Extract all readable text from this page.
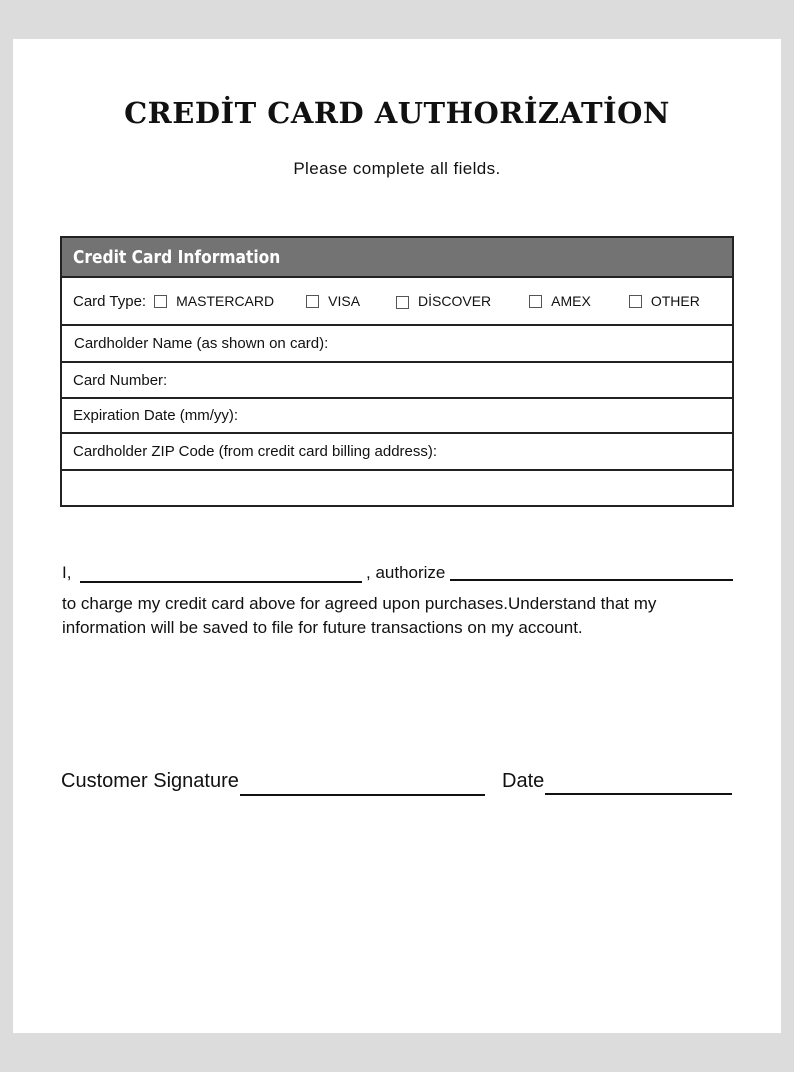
CREDİT CARD AUTHORİZATİON
Please complete all fields.
Credit Card Information
Card Type: MASTERCARD	VISA	DİSCOVER	AMEX	OTHER
Cardholder Name (as shown on card):
Card Number:
Expiration Date (mm/yy):
Cardholder ZIP Code (from credit card billing address):
I,	, authorize
to charge my credit card above for agreed upon purchases.Understand that my
information will be saved to file for future transactions on my account.
Customer Signature	Date
